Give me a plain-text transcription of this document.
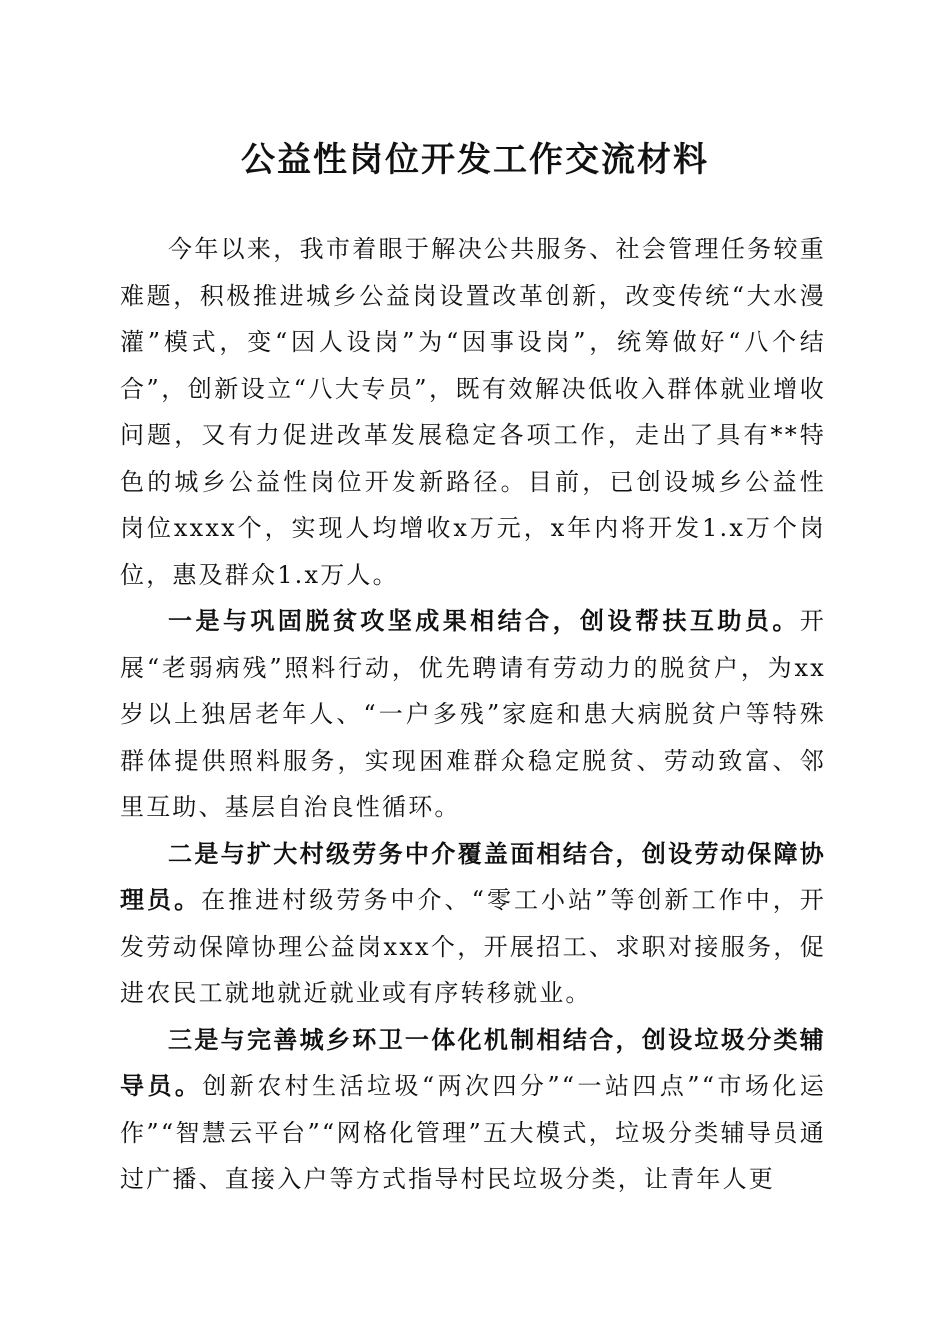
公益性岗位开发工作交流材料

今年以来，我市着眼于解决公共服务、社会管理任务较重难题，积极推进城乡公益岗设置改革创新，改变传统“大水漫灌”模式，变“因人设岗”为“因事设岗”，统筹做好“八个结合”，创新设立“八大专员”，既有效解决低收入群体就业增收问题，又有力促进改革发展稳定各项工作，走出了具有**特色的城乡公益性岗位开发新路径。目前，已创设城乡公益性岗位xxxx个，实现人均增收x万元，x年内将开发1.x万个岗位，惠及群众1.x万人。

一是与巩固脱贫攻坚成果相结合，创设帮扶互助员。开展“老弱病残”照料行动，优先聘请有劳动力的脱贫户，为xx岁以上独居老年人、“一户多残”家庭和患大病脱贫户等特殊群体提供照料服务，实现困难群众稳定脱贫、劳动致富、邻里互助、基层自治良性循环。

二是与扩大村级劳务中介覆盖面相结合，创设劳动保障协理员。在推进村级劳务中介、“零工小站”等创新工作中，开发劳动保障协理公益岗xxx个，开展招工、求职对接服务，促进农民工就地就近就业或有序转移就业。

三是与完善城乡环卫一体化机制相结合，创设垃圾分类辅导员。创新农村生活垃圾“两次四分”“一站四点”“市场化运作”“智慧云平台”“网格化管理”五大模式，垃圾分类辅导员通过广播、直接入户等方式指导村民垃圾分类，让青年人更
